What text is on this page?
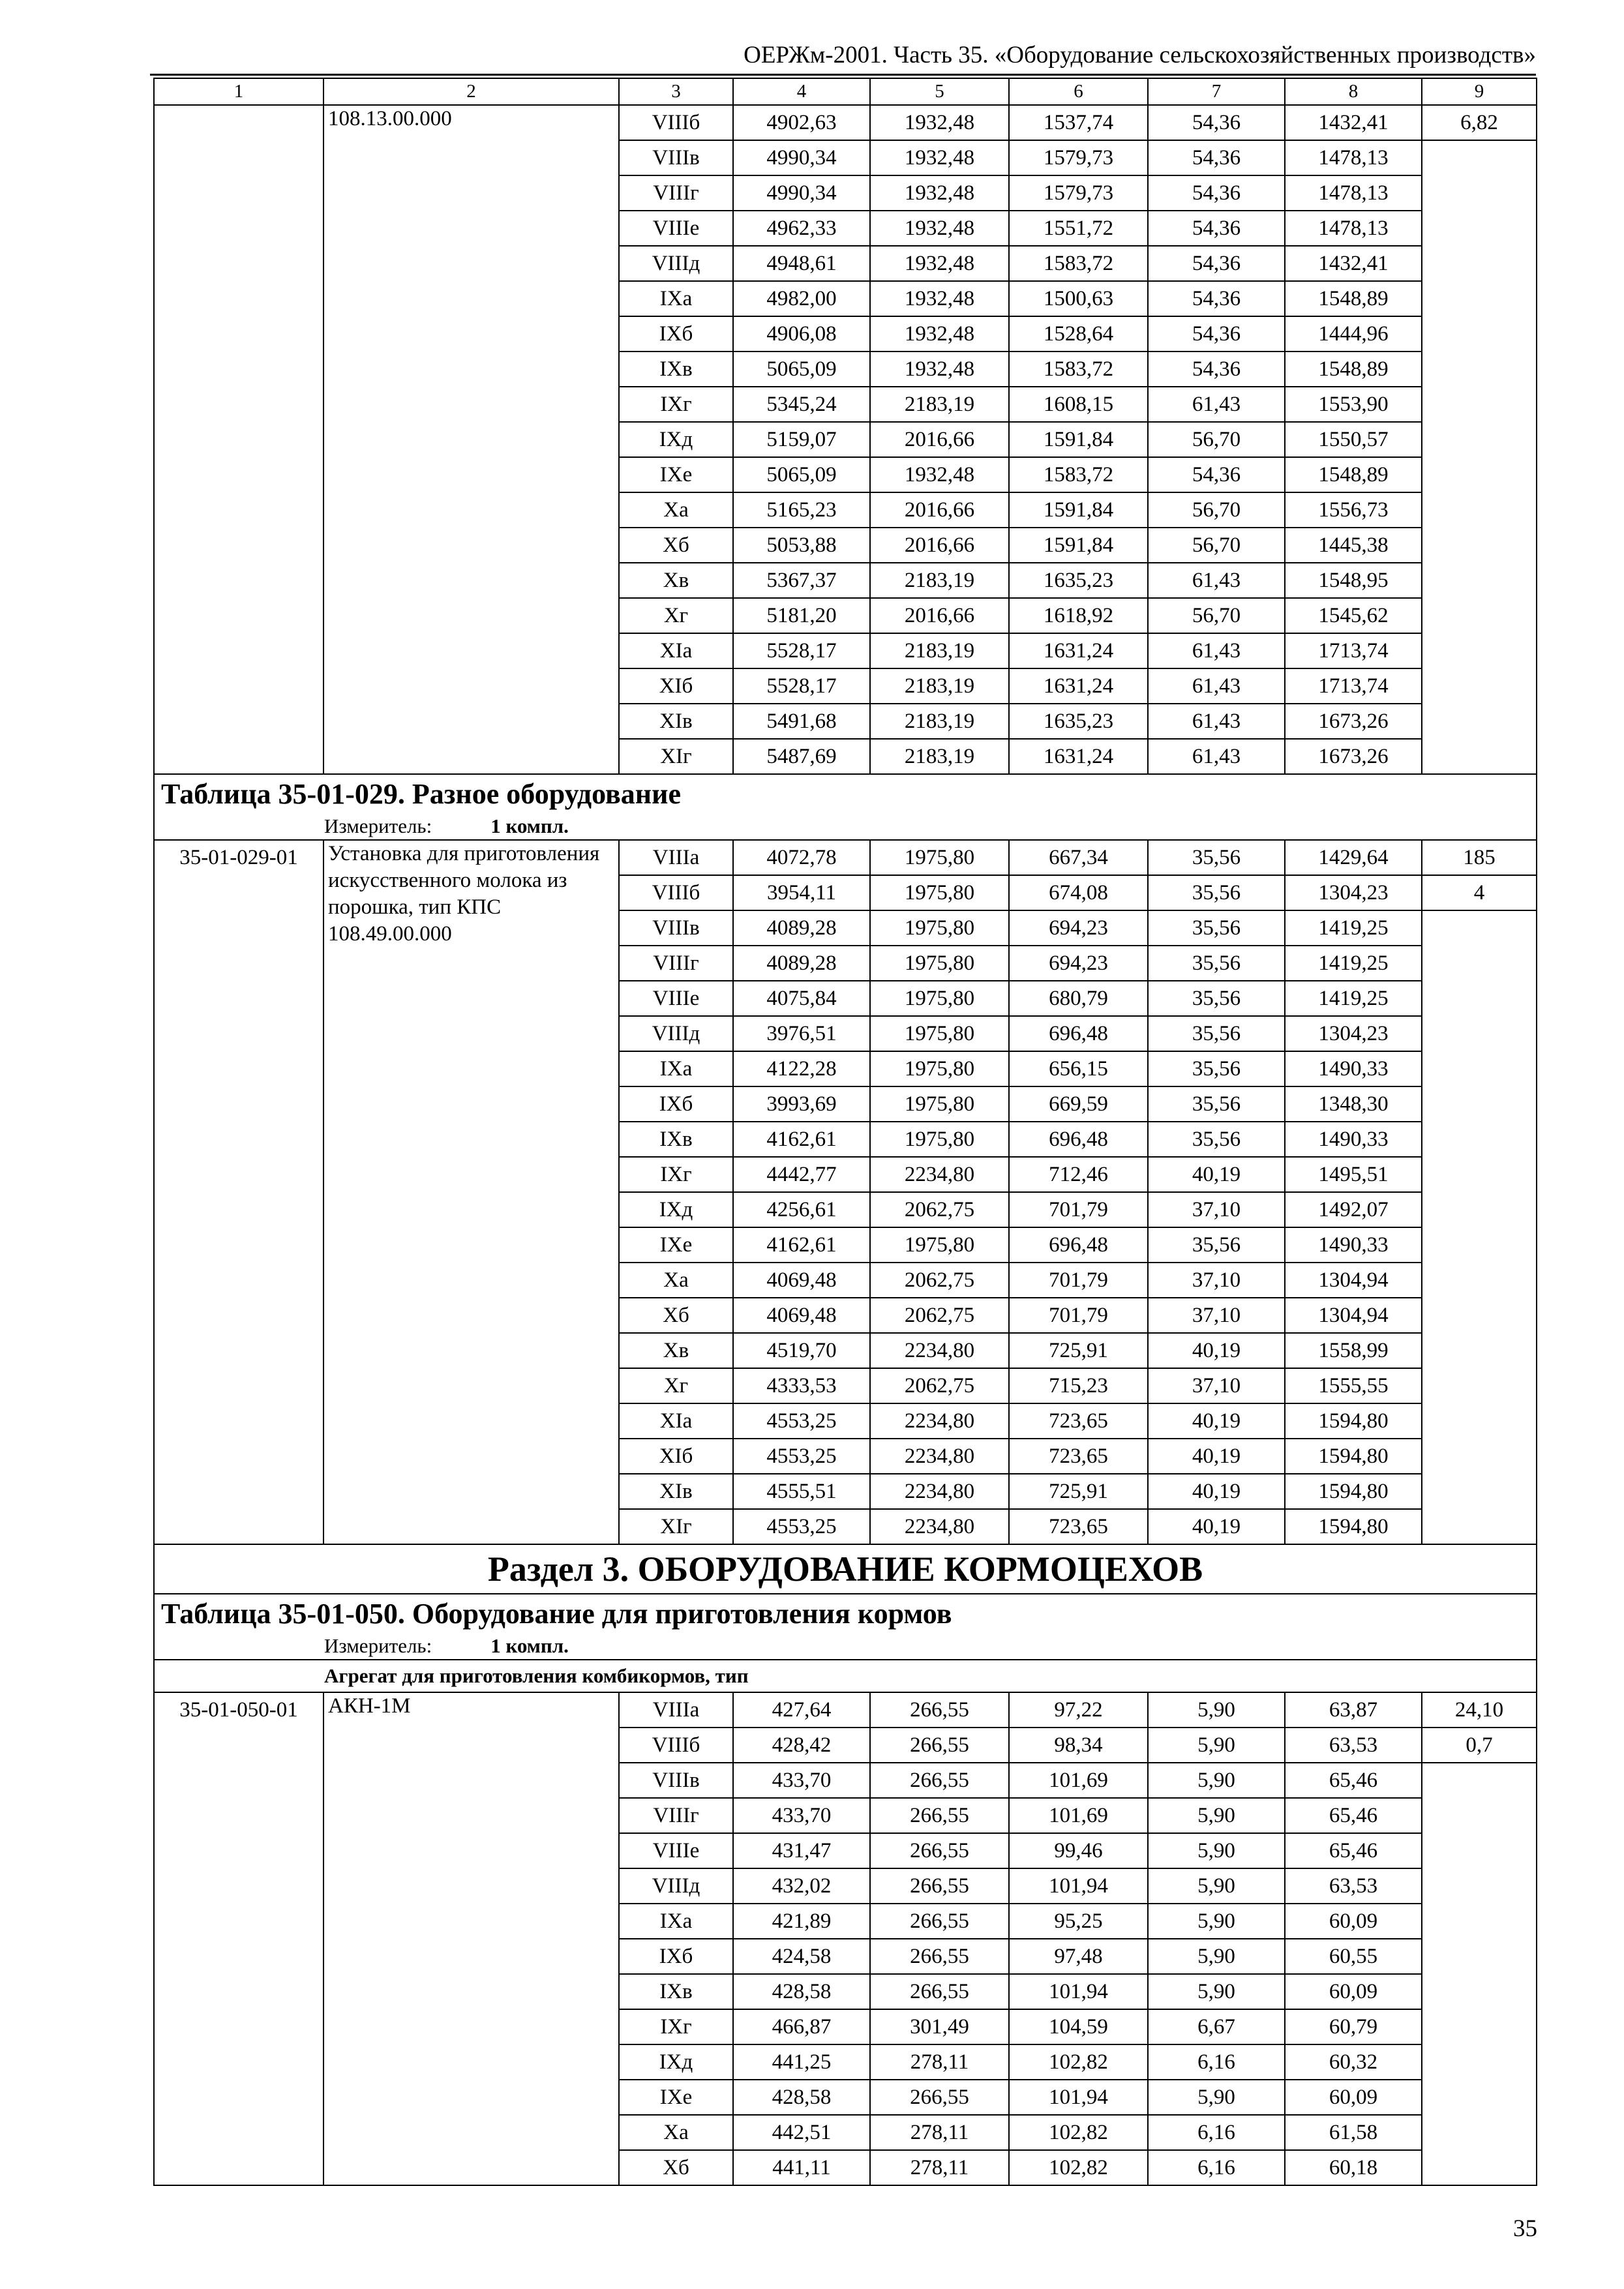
ОЕРЖм-2001. Часть 35. «Оборудование сельскохозяйственных производств»
1	2	3	4	5	6	7	8	9
	108.13.00.000	VIIIб	4902,63	1932,48	1537,74	54,36	1432,41	6,82
		VIIIв	4990,34	1932,48	1579,73	54,36	1478,13	
		VIIIг	4990,34	1932,48	1579,73	54,36	1478,13	
		VIIIе	4962,33	1932,48	1551,72	54,36	1478,13	
		VIIIд	4948,61	1932,48	1583,72	54,36	1432,41	
		IXа	4982,00	1932,48	1500,63	54,36	1548,89	
		IXб	4906,08	1932,48	1528,64	54,36	1444,96	
		IXв	5065,09	1932,48	1583,72	54,36	1548,89	
		IXг	5345,24	2183,19	1608,15	61,43	1553,90	
		IXд	5159,07	2016,66	1591,84	56,70	1550,57	
		IXе	5065,09	1932,48	1583,72	54,36	1548,89	
		Xа	5165,23	2016,66	1591,84	56,70	1556,73	
		Xб	5053,88	2016,66	1591,84	56,70	1445,38	
		Xв	5367,37	2183,19	1635,23	61,43	1548,95	
		Xг	5181,20	2016,66	1618,92	56,70	1545,62	
		XIа	5528,17	2183,19	1631,24	61,43	1713,74	
		XIб	5528,17	2183,19	1631,24	61,43	1713,74	
		XIв	5491,68	2183,19	1635,23	61,43	1673,26	
		XIг	5487,69	2183,19	1631,24	61,43	1673,26	
Таблица 35-01-029. Разное оборудование								
Измеритель: 1 компл.								
35-01-029-01	Установка для приготовления искусственного молока из порошка, тип КПС 108.49.00.000	VIIIа	4072,78	1975,80	667,34	35,56	1429,64	185
		VIIIб	3954,11	1975,80	674,08	35,56	1304,23	4
		VIIIв	4089,28	1975,80	694,23	35,56	1419,25	
		VIIIг	4089,28	1975,80	694,23	35,56	1419,25	
		VIIIе	4075,84	1975,80	680,79	35,56	1419,25	
		VIIIд	3976,51	1975,80	696,48	35,56	1304,23	
		IXа	4122,28	1975,80	656,15	35,56	1490,33	
		IXб	3993,69	1975,80	669,59	35,56	1348,30	
		IXв	4162,61	1975,80	696,48	35,56	1490,33	
		IXг	4442,77	2234,80	712,46	40,19	1495,51	
		IXд	4256,61	2062,75	701,79	37,10	1492,07	
		IXе	4162,61	1975,80	696,48	35,56	1490,33	
		Xа	4069,48	2062,75	701,79	37,10	1304,94	
		Xб	4069,48	2062,75	701,79	37,10	1304,94	
		Xв	4519,70	2234,80	725,91	40,19	1558,99	
		Xг	4333,53	2062,75	715,23	37,10	1555,55	
		XIа	4553,25	2234,80	723,65	40,19	1594,80	
		XIб	4553,25	2234,80	723,65	40,19	1594,80	
		XIв	4555,51	2234,80	725,91	40,19	1594,80	
		XIг	4553,25	2234,80	723,65	40,19	1594,80	
Раздел 3. ОБОРУДОВАНИЕ КОРМОЦЕХОВ								
Таблица 35-01-050. Оборудование для приготовления кормов								
Измеритель: 1 компл.								
Агрегат для приготовления комбикормов, тип								
35-01-050-01	АКН-1М	VIIIа	427,64	266,55	97,22	5,90	63,87	24,10
		VIIIб	428,42	266,55	98,34	5,90	63,53	0,7
		VIIIв	433,70	266,55	101,69	5,90	65,46	
		VIIIг	433,70	266,55	101,69	5,90	65,46	
		VIIIе	431,47	266,55	99,46	5,90	65,46	
		VIIIд	432,02	266,55	101,94	5,90	63,53	
		IXа	421,89	266,55	95,25	5,90	60,09	
		IXб	424,58	266,55	97,48	5,90	60,55	
		IXв	428,58	266,55	101,94	5,90	60,09	
		IXг	466,87	301,49	104,59	6,67	60,79	
		IXд	441,25	278,11	102,82	6,16	60,32	
		IXе	428,58	266,55	101,94	5,90	60,09	
		Xа	442,51	278,11	102,82	6,16	61,58	
		Xб	441,11	278,11	102,82	6,16	60,18	
35
